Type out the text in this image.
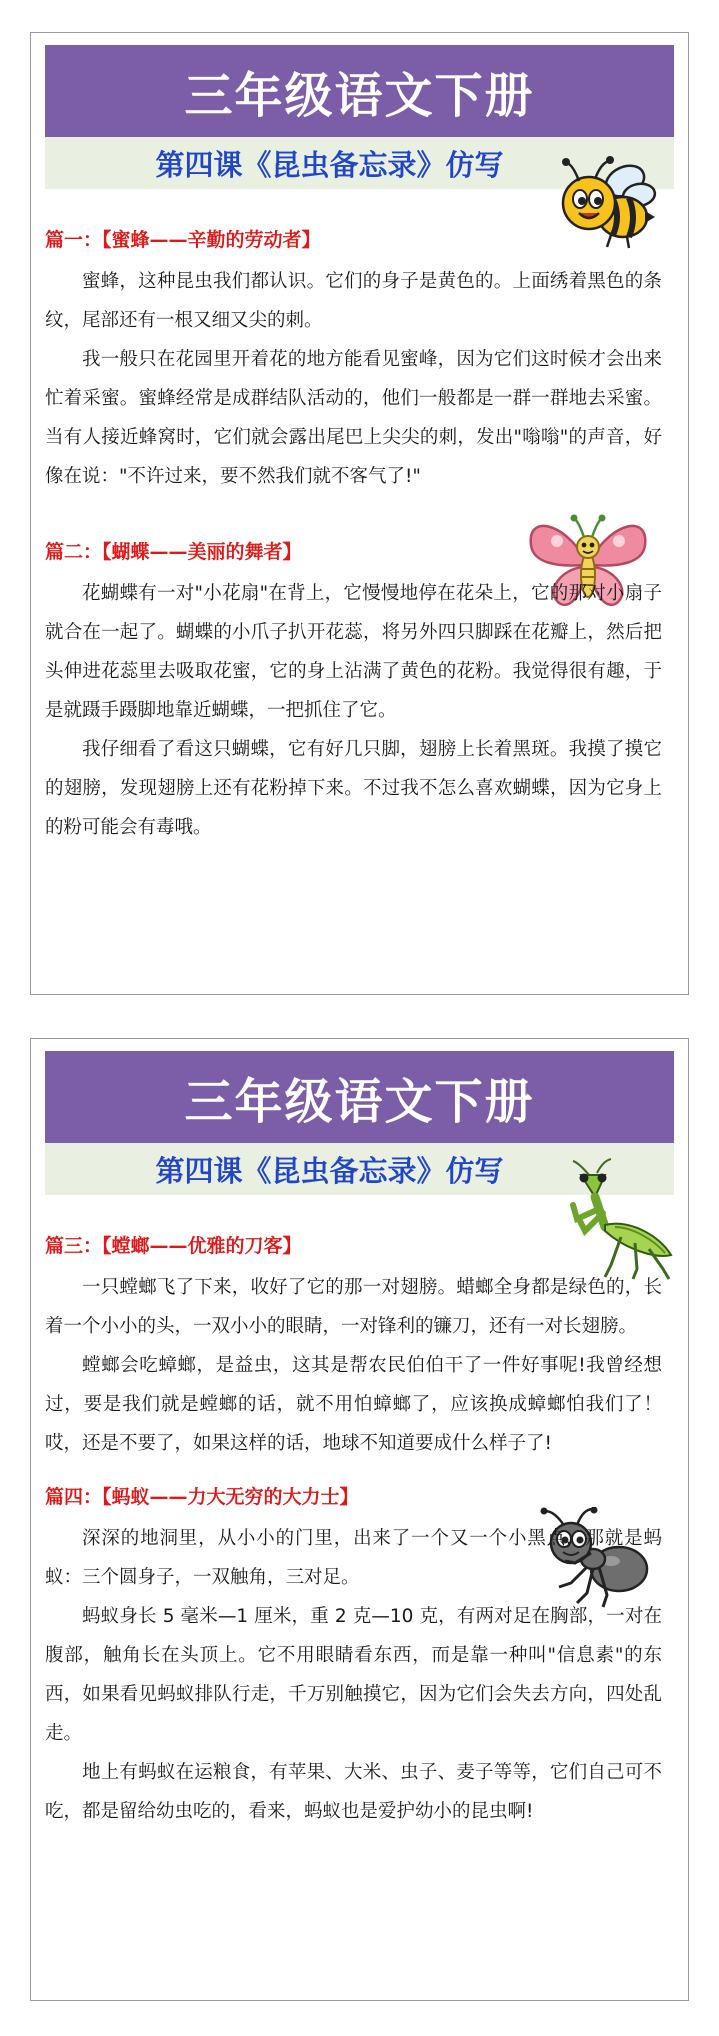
三年级语文下册
第四课《昆虫备忘录》仿写
篇一：【蜜蜂——辛勤的劳动者】

蜜蜂，这种昆虫我们都认识。它们的身子是黄色的。上面绣着黑色的条纹，尾部还有一根又细又尖的刺。

我一般只在花园里开着花的地方能看见蜜峰，因为它们这时候才会出来忙着采蜜。蜜蜂经常是成群结队活动的，他们一般都是一群一群地去采蜜。当有人接近蜂窝时，它们就会露出尾巴上尖尖的刺，发出"嗡嗡"的声音，好像在说："不许过来，要不然我们就不客气了!"

篇二：【蝴蝶——美丽的舞者】

花蝴蝶有一对"小花扇"在背上，它慢慢地停在花朵上，它的那对小扇子就合在一起了。蝴蝶的小爪子扒开花蕊，将另外四只脚踩在花瓣上，然后把头伸进花蕊里去吸取花蜜，它的身上沾满了黄色的花粉。我觉得很有趣，于是就蹑手蹑脚地靠近蝴蝶，一把抓住了它。

我仔细看了看这只蝴蝶，它有好几只脚，翅膀上长着黑斑。我摸了摸它的翅膀，发现翅膀上还有花粉掉下来。不过我不怎么喜欢蝴蝶，因为它身上的粉可能会有毒哦。

三年级语文下册
第四课《昆虫备忘录》仿写
篇三：【螳螂——优雅的刀客】

一只螳螂飞了下来，收好了它的那一对翅膀。蜡螂全身都是绿色的，长着一个小小的头，一双小小的眼睛，一对锋利的镰刀，还有一对长翅膀。

螳螂会吃蟑螂，是益虫，这其是帮农民伯伯干了一件好事呢!我曾经想过，要是我们就是螳螂的话，就不用怕蟑螂了，应该换成蟑螂怕我们了！哎，还是不要了，如果这样的话，地球不知道要成什么样子了!

篇四：【蚂蚁——力大无穷的大力士】

深深的地洞里，从小小的门里，出来了一个又一个小黑点，那就是蚂蚁：三个圆身子，一双触角，三对足。

蚂蚁身长 5 毫米—1 厘米，重 2 克—10 克，有两对足在胸部，一对在腹部，触角长在头顶上。它不用眼睛看东西，而是靠一种叫"信息素"的东西，如果看见蚂蚁排队行走，千万别触摸它，因为它们会失去方向，四处乱走。

地上有蚂蚁在运粮食，有苹果、大米、虫子、麦子等等，它们自己可不吃，都是留给幼虫吃的，看来，蚂蚁也是爱护幼小的昆虫啊!
